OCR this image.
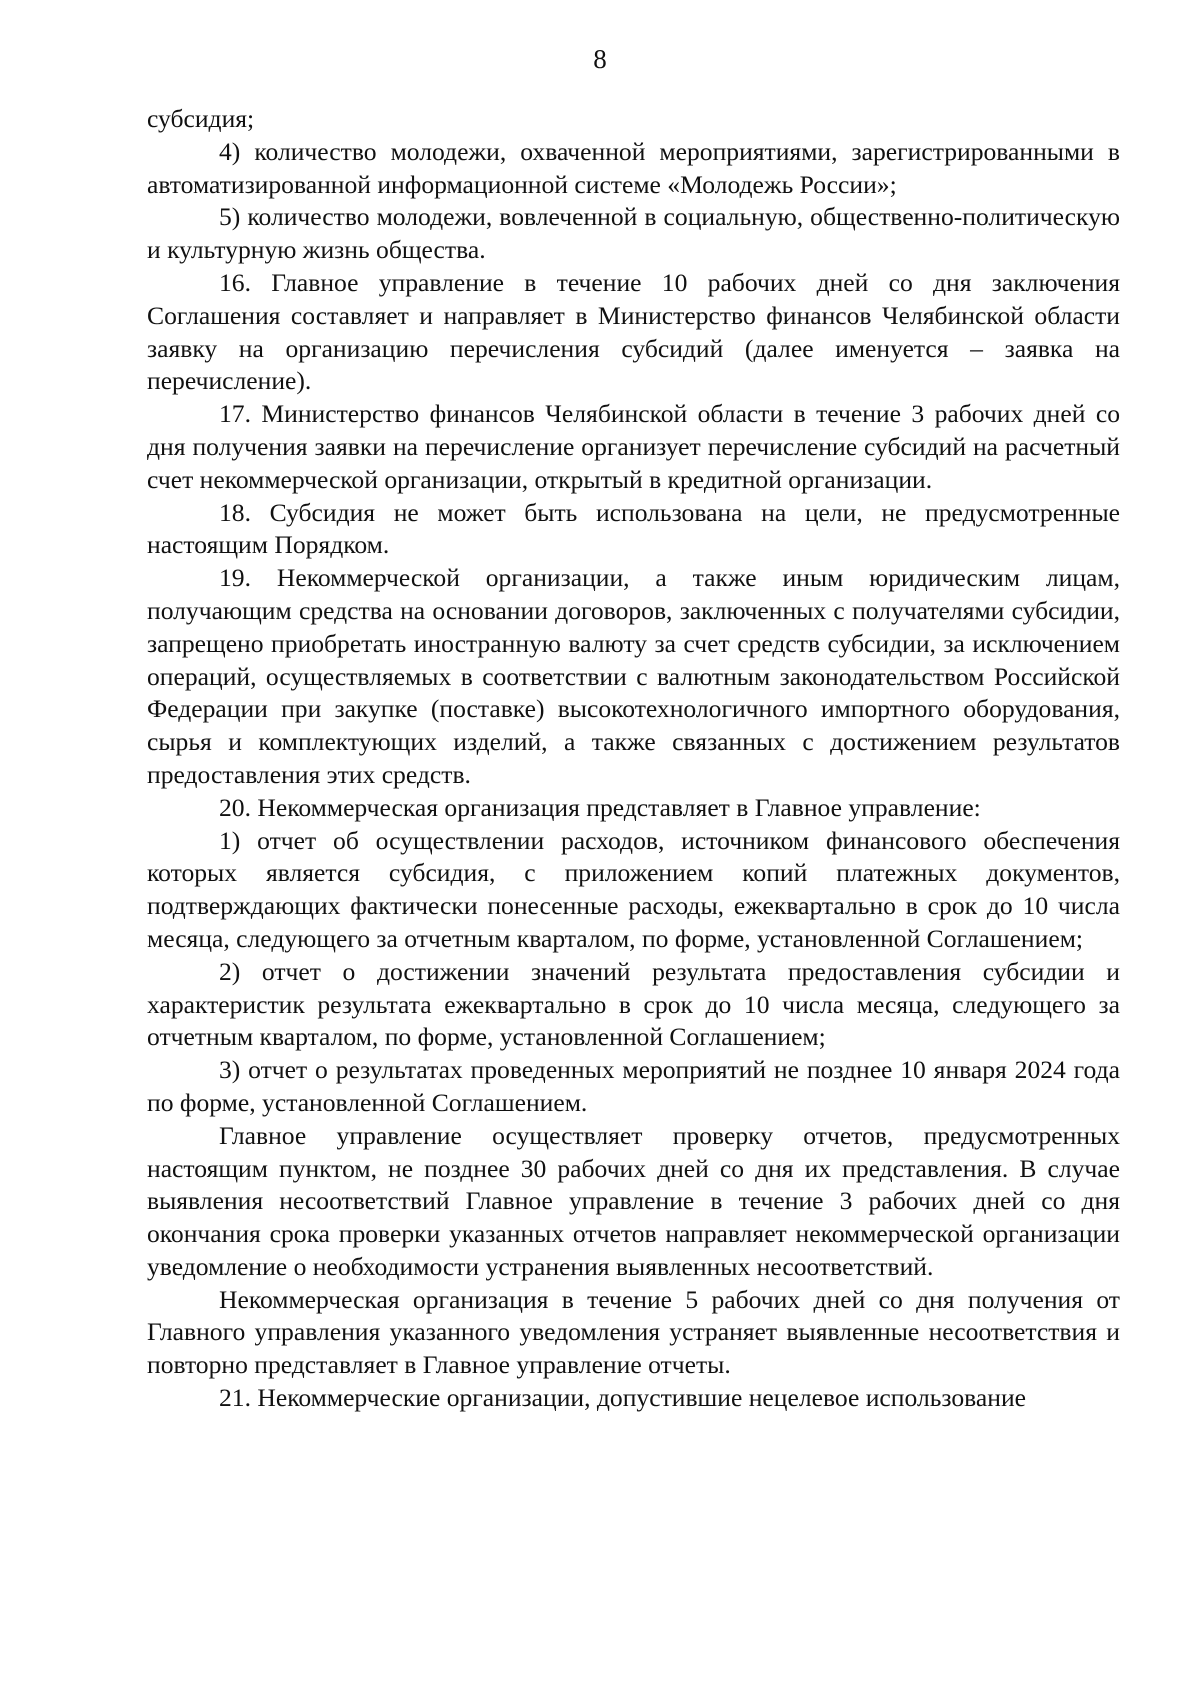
8

субсидия;

4) количество молодежи, охваченной мероприятиями, зарегистрированными в автоматизированной информационной системе «Молодежь России»;

5) количество молодежи, вовлеченной в социальную, общественно-политическую и культурную жизнь общества.

16. Главное управление в течение 10 рабочих дней со дня заключения Соглашения составляет и направляет в Министерство финансов Челябинской области заявку на организацию перечисления субсидий (далее именуется – заявка на перечисление).

17. Министерство финансов Челябинской области в течение 3 рабочих дней со дня получения заявки на перечисление организует перечисление субсидий на расчетный счет некоммерческой организации, открытый в кредитной организации.

18. Субсидия не может быть использована на цели, не предусмотренные настоящим Порядком.

19. Некоммерческой организации, а также иным юридическим лицам, получающим средства на основании договоров, заключенных с получателями субсидии, запрещено приобретать иностранную валюту за счет средств субсидии, за исключением операций, осуществляемых в соответствии с валютным законодательством Российской Федерации при закупке (поставке) высокотехнологичного импортного оборудования, сырья и комплектующих изделий, а также связанных с достижением результатов предоставления этих средств.

20. Некоммерческая организация представляет в Главное управление:

1) отчет об осуществлении расходов, источником финансового обеспечения которых является субсидия, с приложением копий платежных документов, подтверждающих фактически понесенные расходы, ежеквартально в срок до 10 числа месяца, следующего за отчетным кварталом, по форме, установленной Соглашением;

2) отчет о достижении значений результата предоставления субсидии и характеристик результата ежеквартально в срок до 10 числа месяца, следующего за отчетным кварталом, по форме, установленной Соглашением;

3) отчет о результатах проведенных мероприятий не позднее 10 января 2024 года по форме, установленной Соглашением.

Главное управление осуществляет проверку отчетов, предусмотренных настоящим пунктом, не позднее 30 рабочих дней со дня их представления. В случае выявления несоответствий Главное управление в течение 3 рабочих дней со дня окончания срока проверки указанных отчетов направляет некоммерческой организации уведомление о необходимости устранения выявленных несоответствий.

Некоммерческая организация в течение 5 рабочих дней со дня получения от Главного управления указанного уведомления устраняет выявленные несоответствия и повторно представляет в Главное управление отчеты.

21. Некоммерческие организации, допустившие нецелевое использование
